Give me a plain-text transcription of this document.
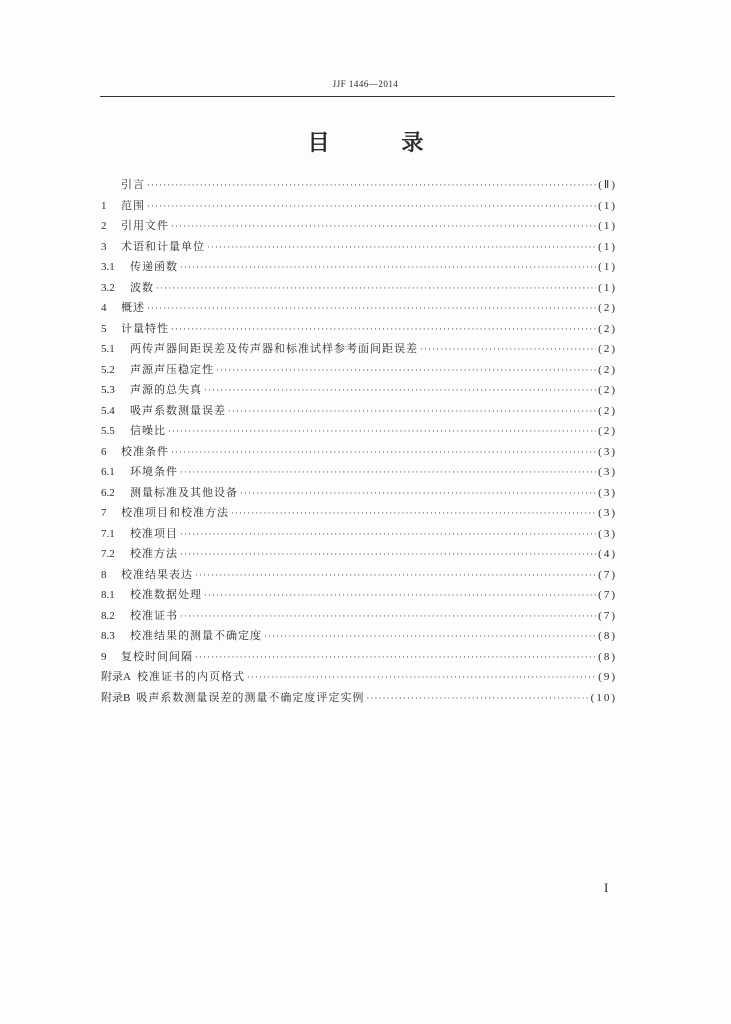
JJF 1446—2014
目 录
引言 ·····	(Ⅱ)
1	范围 ·····	(1)
2	引用文件 ·····	(1)
3	术语和计量单位 ·····	(1)
3.1	传递函数 ·····	(1)
3.2	波数 ·····	(1)
4	概述 ·····	(2)
5	计量特性 ·····	(2)
5.1	两传声器间距误差及传声器和标准试样参考面间距误差 ·····	(2)
5.2	声源声压稳定性 ·····	(2)
5.3	声源的总失真 ·····	(2)
5.4	吸声系数测量误差 ·····	(2)
5.5	信噪比 ·····	(2)
6	校准条件 ·····	(3)
6.1	环境条件 ·····	(3)
6.2	测量标准及其他设备 ·····	(3)
7	校准项目和校准方法 ·····	(3)
7.1	校准项目 ·····	(3)
7.2	校准方法 ·····	(4)
8	校准结果表达 ·····	(7)
8.1	校准数据处理 ·····	(7)
8.2	校准证书 ·····	(7)
8.3	校准结果的测量不确定度 ·····	(8)
9	复校时间间隔 ·····	(8)
附录A 校准证书的内页格式 ·····	(9)
附录B 吸声系数测量误差的测量不确定度评定实例 ·····	(10)
I
